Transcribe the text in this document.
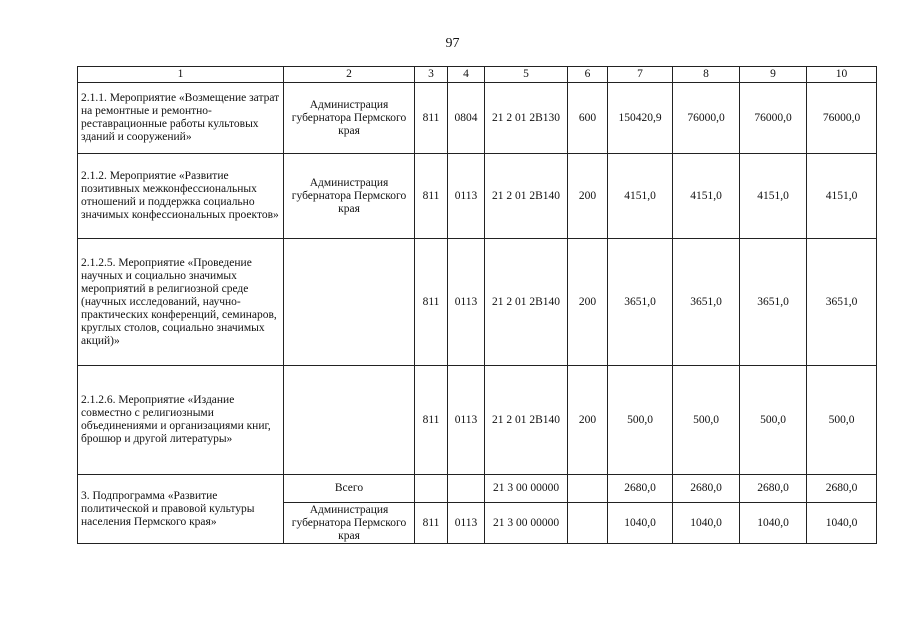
97
1	2	3	4	5	6	7	8	9	10
2.1.1. Мероприятие «Возмещение затрат на ремонтные и ремонтно-реставрационные работы культовых зданий и сооружений»	Администрация губернатора Пермского края	811	0804	21 2 01 2В130	600	150420,9	76000,0	76000,0	76000,0
2.1.2. Мероприятие «Развитие позитивных межконфессиональных отношений и поддержка социально значимых конфессиональных проектов»	Администрация губернатора Пермского края	811	0113	21 2 01 2В140	200	4151,0	4151,0	4151,0	4151,0
2.1.2.5. Мероприятие «Проведение научных и социально значимых мероприятий в религиозной среде (научных исследований, научно-практических конференций, семинаров, круглых столов, социально значимых акций)»		811	0113	21 2 01 2В140	200	3651,0	3651,0	3651,0	3651,0
2.1.2.6. Мероприятие «Издание совместно с религиозными объединениями и организациями книг, брошюр и другой литературы»		811	0113	21 2 01 2В140	200	500,0	500,0	500,0	500,0
3. Подпрограмма «Развитие политической и правовой культуры населения Пермского края»	Всего			21 3 00 00000		2680,0	2680,0	2680,0	2680,0
	Администрация губернатора Пермского края	811	0113	21 3 00 00000		1040,0	1040,0	1040,0	1040,0
